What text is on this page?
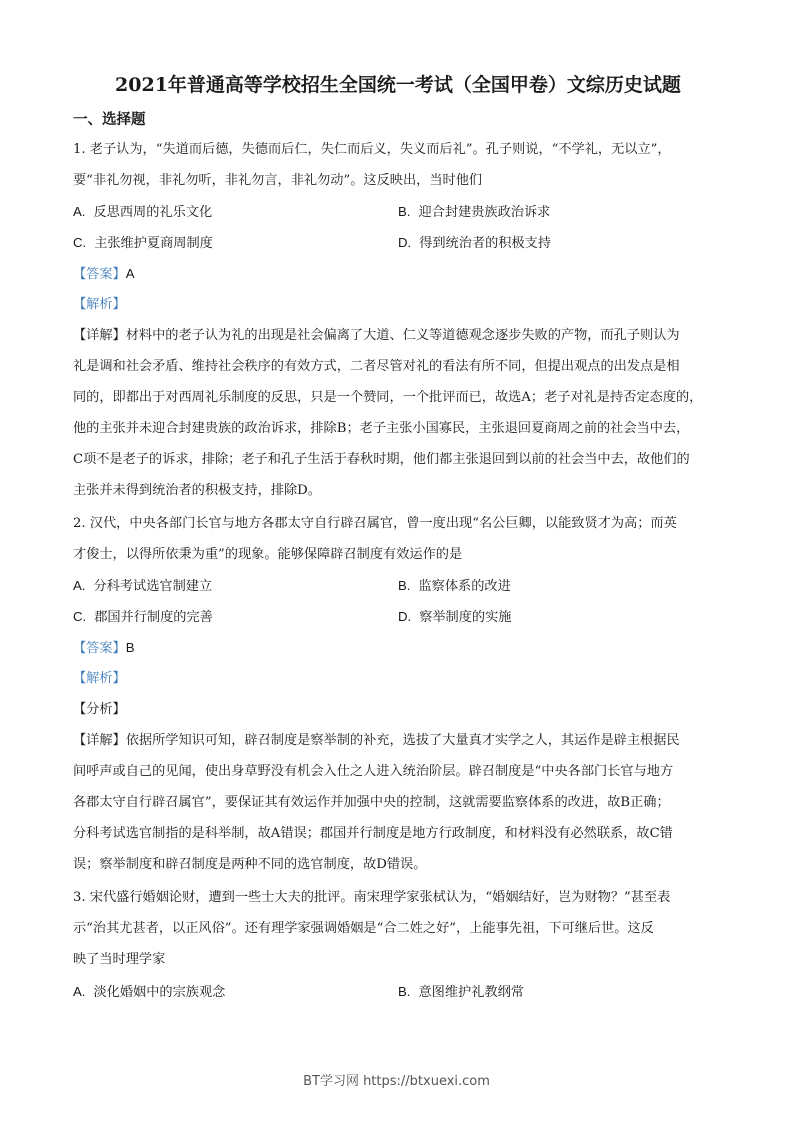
2021年普通高等学校招生全国统一考试（全国甲卷）文综历史试题
一、选择题
1. 老子认为，“失道而后德，失德而后仁，失仁而后义，失义而后礼”。孔子则说，“不学礼，无以立”，
要“非礼勿视，非礼勿听，非礼勿言，非礼勿动”。这反映出，当时他们
A. 反思西周的礼乐文化	B. 迎合封建贵族政治诉求
C. 主张维护夏商周制度	D. 得到统治者的积极支持
【答案】A
【解析】
【详解】材料中的老子认为礼的出现是社会偏离了大道、仁义等道德观念逐步失败的产物，而孔子则认为
礼是调和社会矛盾、维持社会秩序的有效方式，二者尽管对礼的看法有所不同，但提出观点的出发点是相
同的，即都出于对西周礼乐制度的反思，只是一个赞同，一个批评而已，故选A；老子对礼是持否定态度的，
他的主张并未迎合封建贵族的政治诉求，排除B；老子主张小国寡民，主张退回夏商周之前的社会当中去，
C项不是老子的诉求，排除；老子和孔子生活于春秋时期，他们都主张退回到以前的社会当中去，故他们的
主张并未得到统治者的积极支持，排除D。
2. 汉代，中央各部门长官与地方各郡太守自行辟召属官，曾一度出现“名公巨卿，以能致贤才为高；而英
才俊士，以得所依秉为重”的现象。能够保障辟召制度有效运作的是
A. 分科考试选官制建立	B. 监察体系的改进
C. 郡国并行制度的完善	D. 察举制度的实施
【答案】B
【解析】
【分析】
【详解】依据所学知识可知，辟召制度是察举制的补充，选拔了大量真才实学之人，其运作是辟主根据民
间呼声或自己的见闻，使出身草野没有机会入仕之人进入统治阶层。辟召制度是“中央各部门长官与地方
各郡太守自行辟召属官”，要保证其有效运作并加强中央的控制，这就需要监察体系的改进，故B正确；
分科考试选官制指的是科举制，故A错误；郡国并行制度是地方行政制度，和材料没有必然联系，故C错
误；察举制度和辟召制度是两种不同的选官制度，故D错误。
3. 宋代盛行婚姻论财，遭到一些士大夫的批评。南宋理学家张栻认为，“婚姻结好，岂为财物？”甚至表
示“治其尤甚者，以正风俗”。还有理学家强调婚姻是“合二姓之好”，上能事先祖，下可继后世。这反
映了当时理学家
A. 淡化婚姻中的宗族观念	B. 意图维护礼教纲常
BT学习网 https://btxuexi.com
